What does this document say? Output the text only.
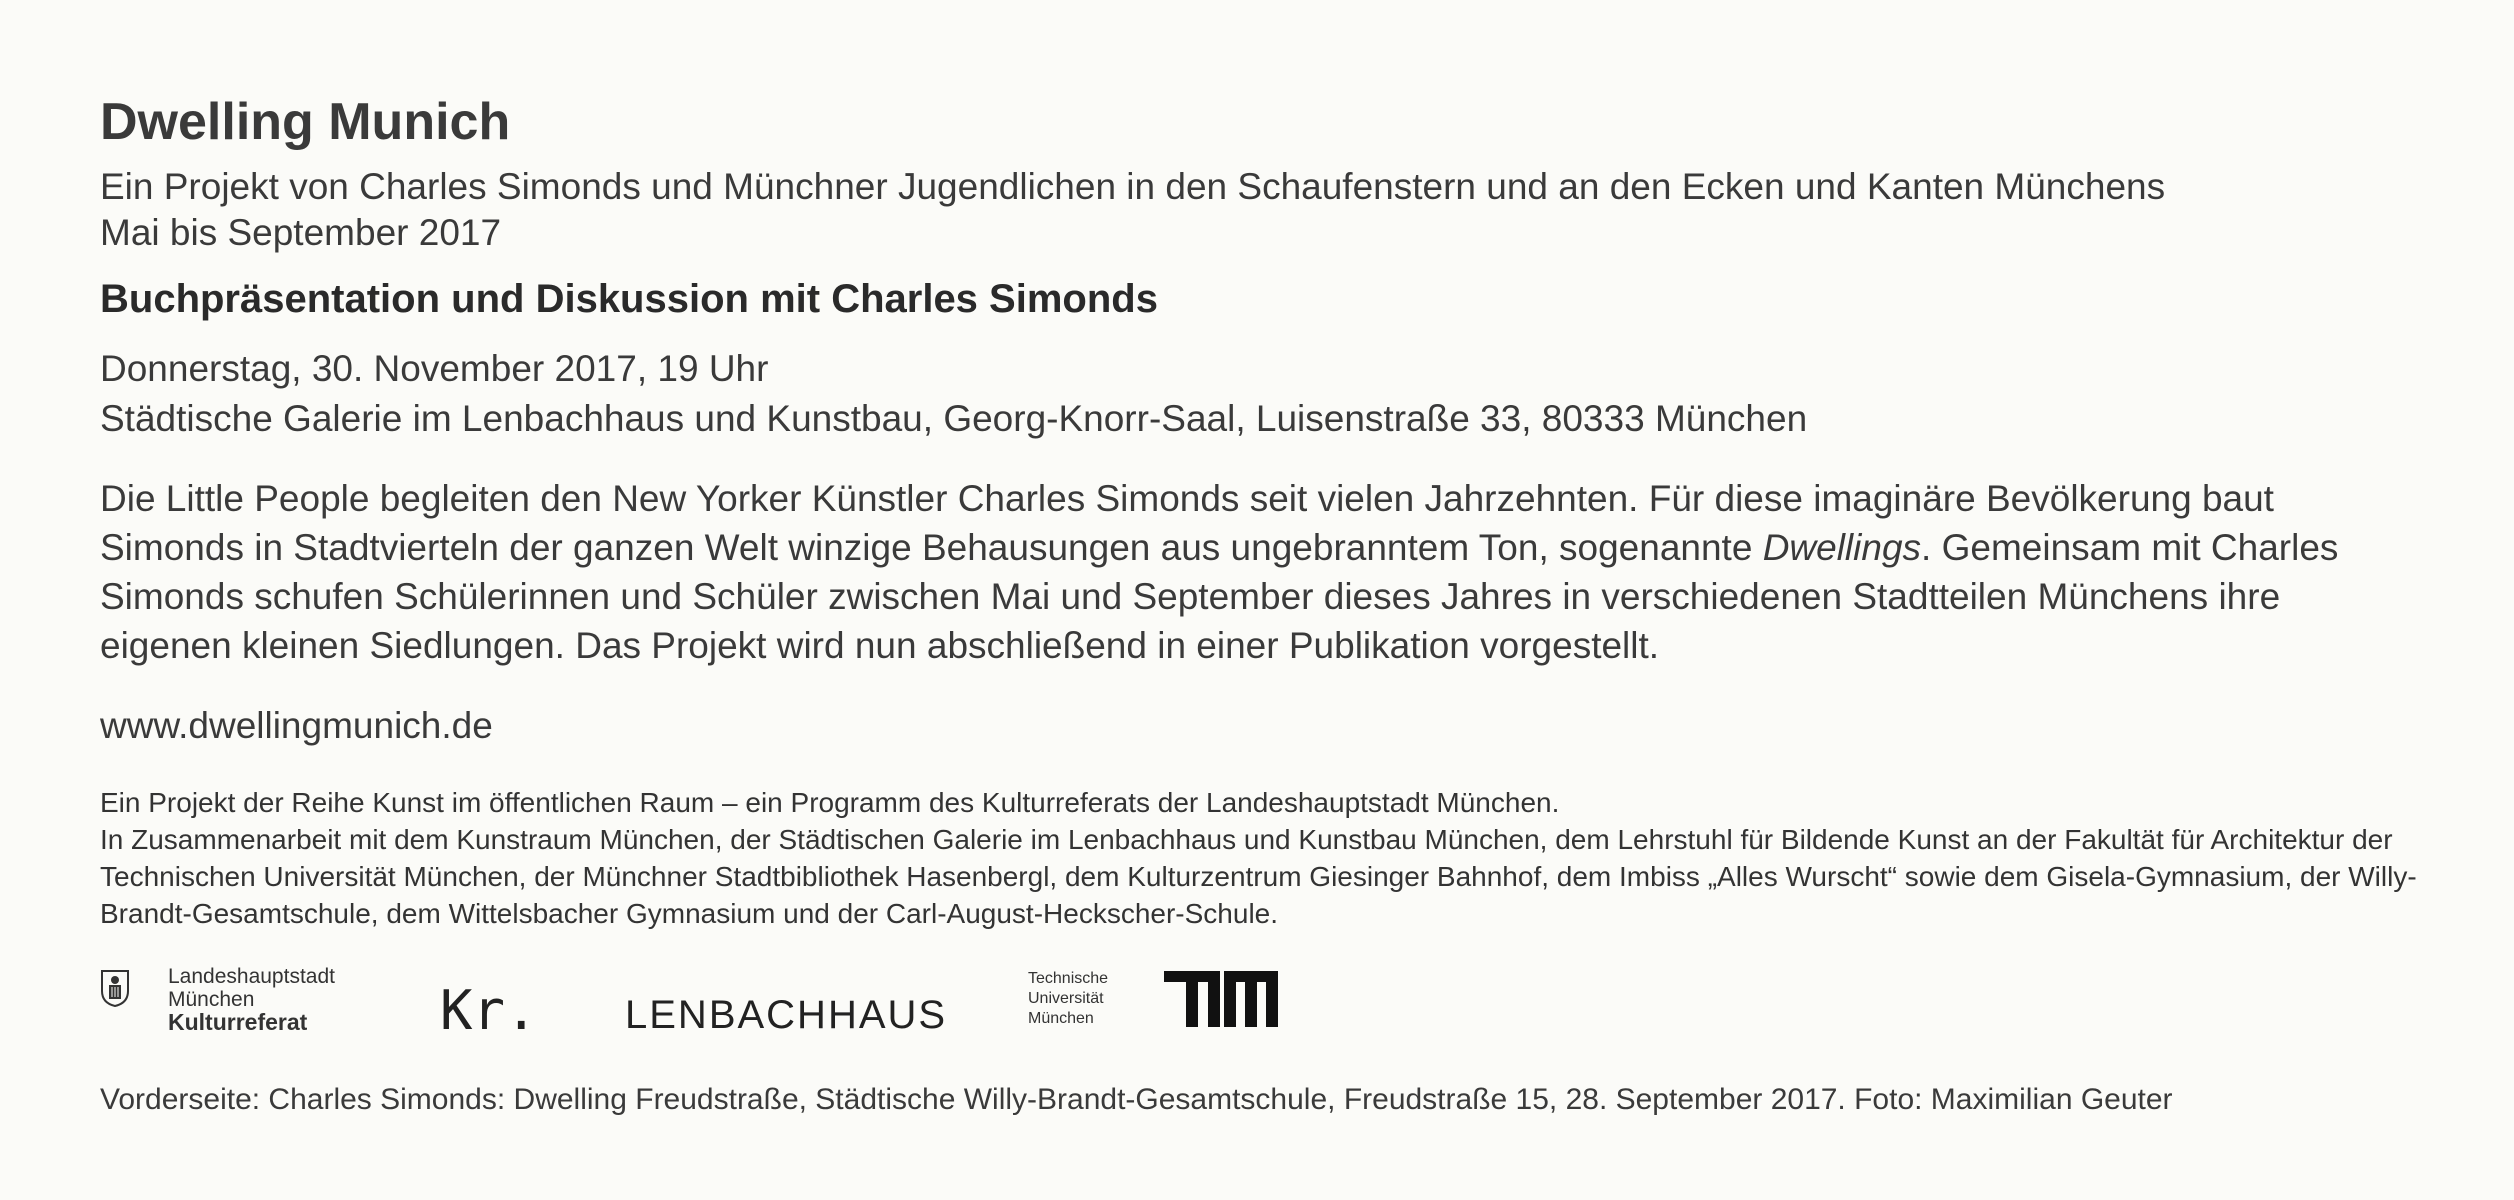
Dwelling Munich

Ein Projekt von Charles Simonds und Münchner Jugendlichen in den Schaufenstern und an den Ecken und Kanten Münchens

Mai bis September 2017

Buchpräsentation und Diskussion mit Charles Simonds

Donnerstag, 30. November 2017, 19 Uhr

Städtische Galerie im Lenbachhaus und Kunstbau, Georg-Knorr-Saal, Luisenstraße 33, 80333 München

Die Little People begleiten den New Yorker Künstler Charles Simonds seit vielen Jahrzehnten. Für diese imaginäre Bevölkerung baut Simonds in Stadtvierteln der ganzen Welt winzige Behausungen aus ungebranntem Ton, sogenannte Dwellings. Gemeinsam mit Charles Simonds schufen Schülerinnen und Schüler zwischen Mai und September dieses Jahres in verschiedenen Stadtteilen Münchens ihre eigenen kleinen Siedlungen. Das Projekt wird nun abschließend in einer Publikation vorgestellt.

www.dwellingmunich.de

Ein Projekt der Reihe Kunst im öffentlichen Raum – ein Programm des Kulturreferats der Landeshauptstadt München.

In Zusammenarbeit mit dem Kunstraum München, der Städtischen Galerie im Lenbachhaus und Kunstbau München, dem Lehrstuhl für Bildende Kunst an der Fakultät für Architektur der Technischen Universität München, der Münchner Stadtbibliothek Hasenbergl, dem Kulturzentrum Giesinger Bahnhof, dem Imbiss „Alles Wurscht“ sowie dem Gisela-Gymnasium, der Willy-Brandt-Gesamtschule, dem Wittelsbacher Gymnasium und der Carl-August-Heckscher-Schule.

Landeshauptstadt
München
Kulturreferat	Kr. LENBACHHAUS
Technische
Universität
München
Vorderseite: Charles Simonds: Dwelling Freudstraße, Städtische Willy-Brandt-Gesamtschule, Freudstraße 15, 28. September 2017. Foto: Maximilian Geuter
